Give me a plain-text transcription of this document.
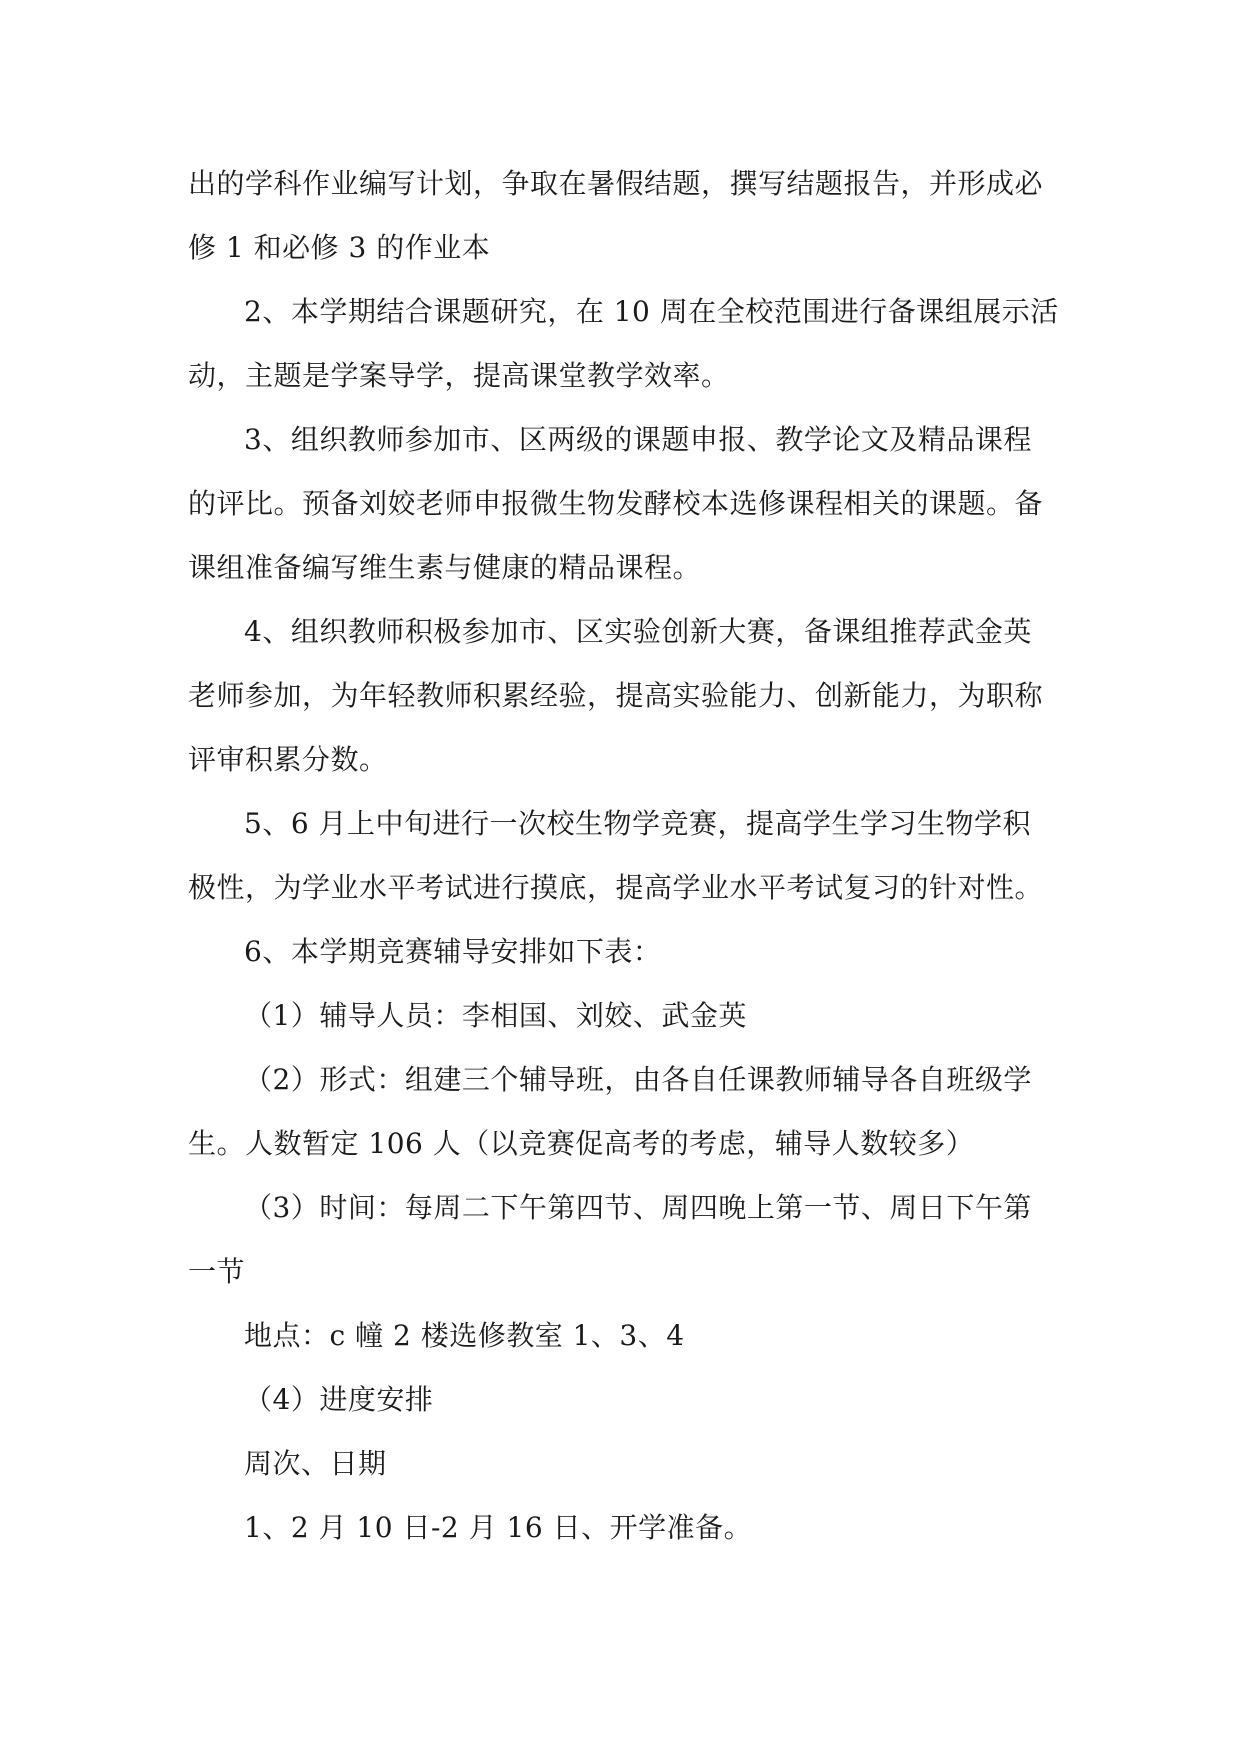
出的学科作业编写计划，争取在暑假结题，撰写结题报告，并形成必
修 1 和必修 3 的作业本
2、本学期结合课题研究，在 10 周在全校范围进行备课组展示活
动，主题是学案导学，提高课堂教学效率。
3、组织教师参加市、区两级的课题申报、教学论文及精品课程
的评比。预备刘姣老师申报微生物发酵校本选修课程相关的课题。备
课组准备编写维生素与健康的精品课程。
4、组织教师积极参加市、区实验创新大赛，备课组推荐武金英
老师参加，为年轻教师积累经验，提高实验能力、创新能力，为职称
评审积累分数。
5、6 月上中旬进行一次校生物学竞赛，提高学生学习生物学积
极性，为学业水平考试进行摸底，提高学业水平考试复习的针对性。
6、本学期竞赛辅导安排如下表：
（1）辅导人员：李相国、刘姣、武金英
（2）形式：组建三个辅导班，由各自任课教师辅导各自班级学
生。人数暂定 106 人（以竞赛促高考的考虑，辅导人数较多）
（3）时间：每周二下午第四节、周四晚上第一节、周日下午第
一节
地点：c 幢 2 楼选修教室 1、3、4
（4）进度安排
周次、日期
1、2 月 10 日-2 月 16 日、开学准备。
